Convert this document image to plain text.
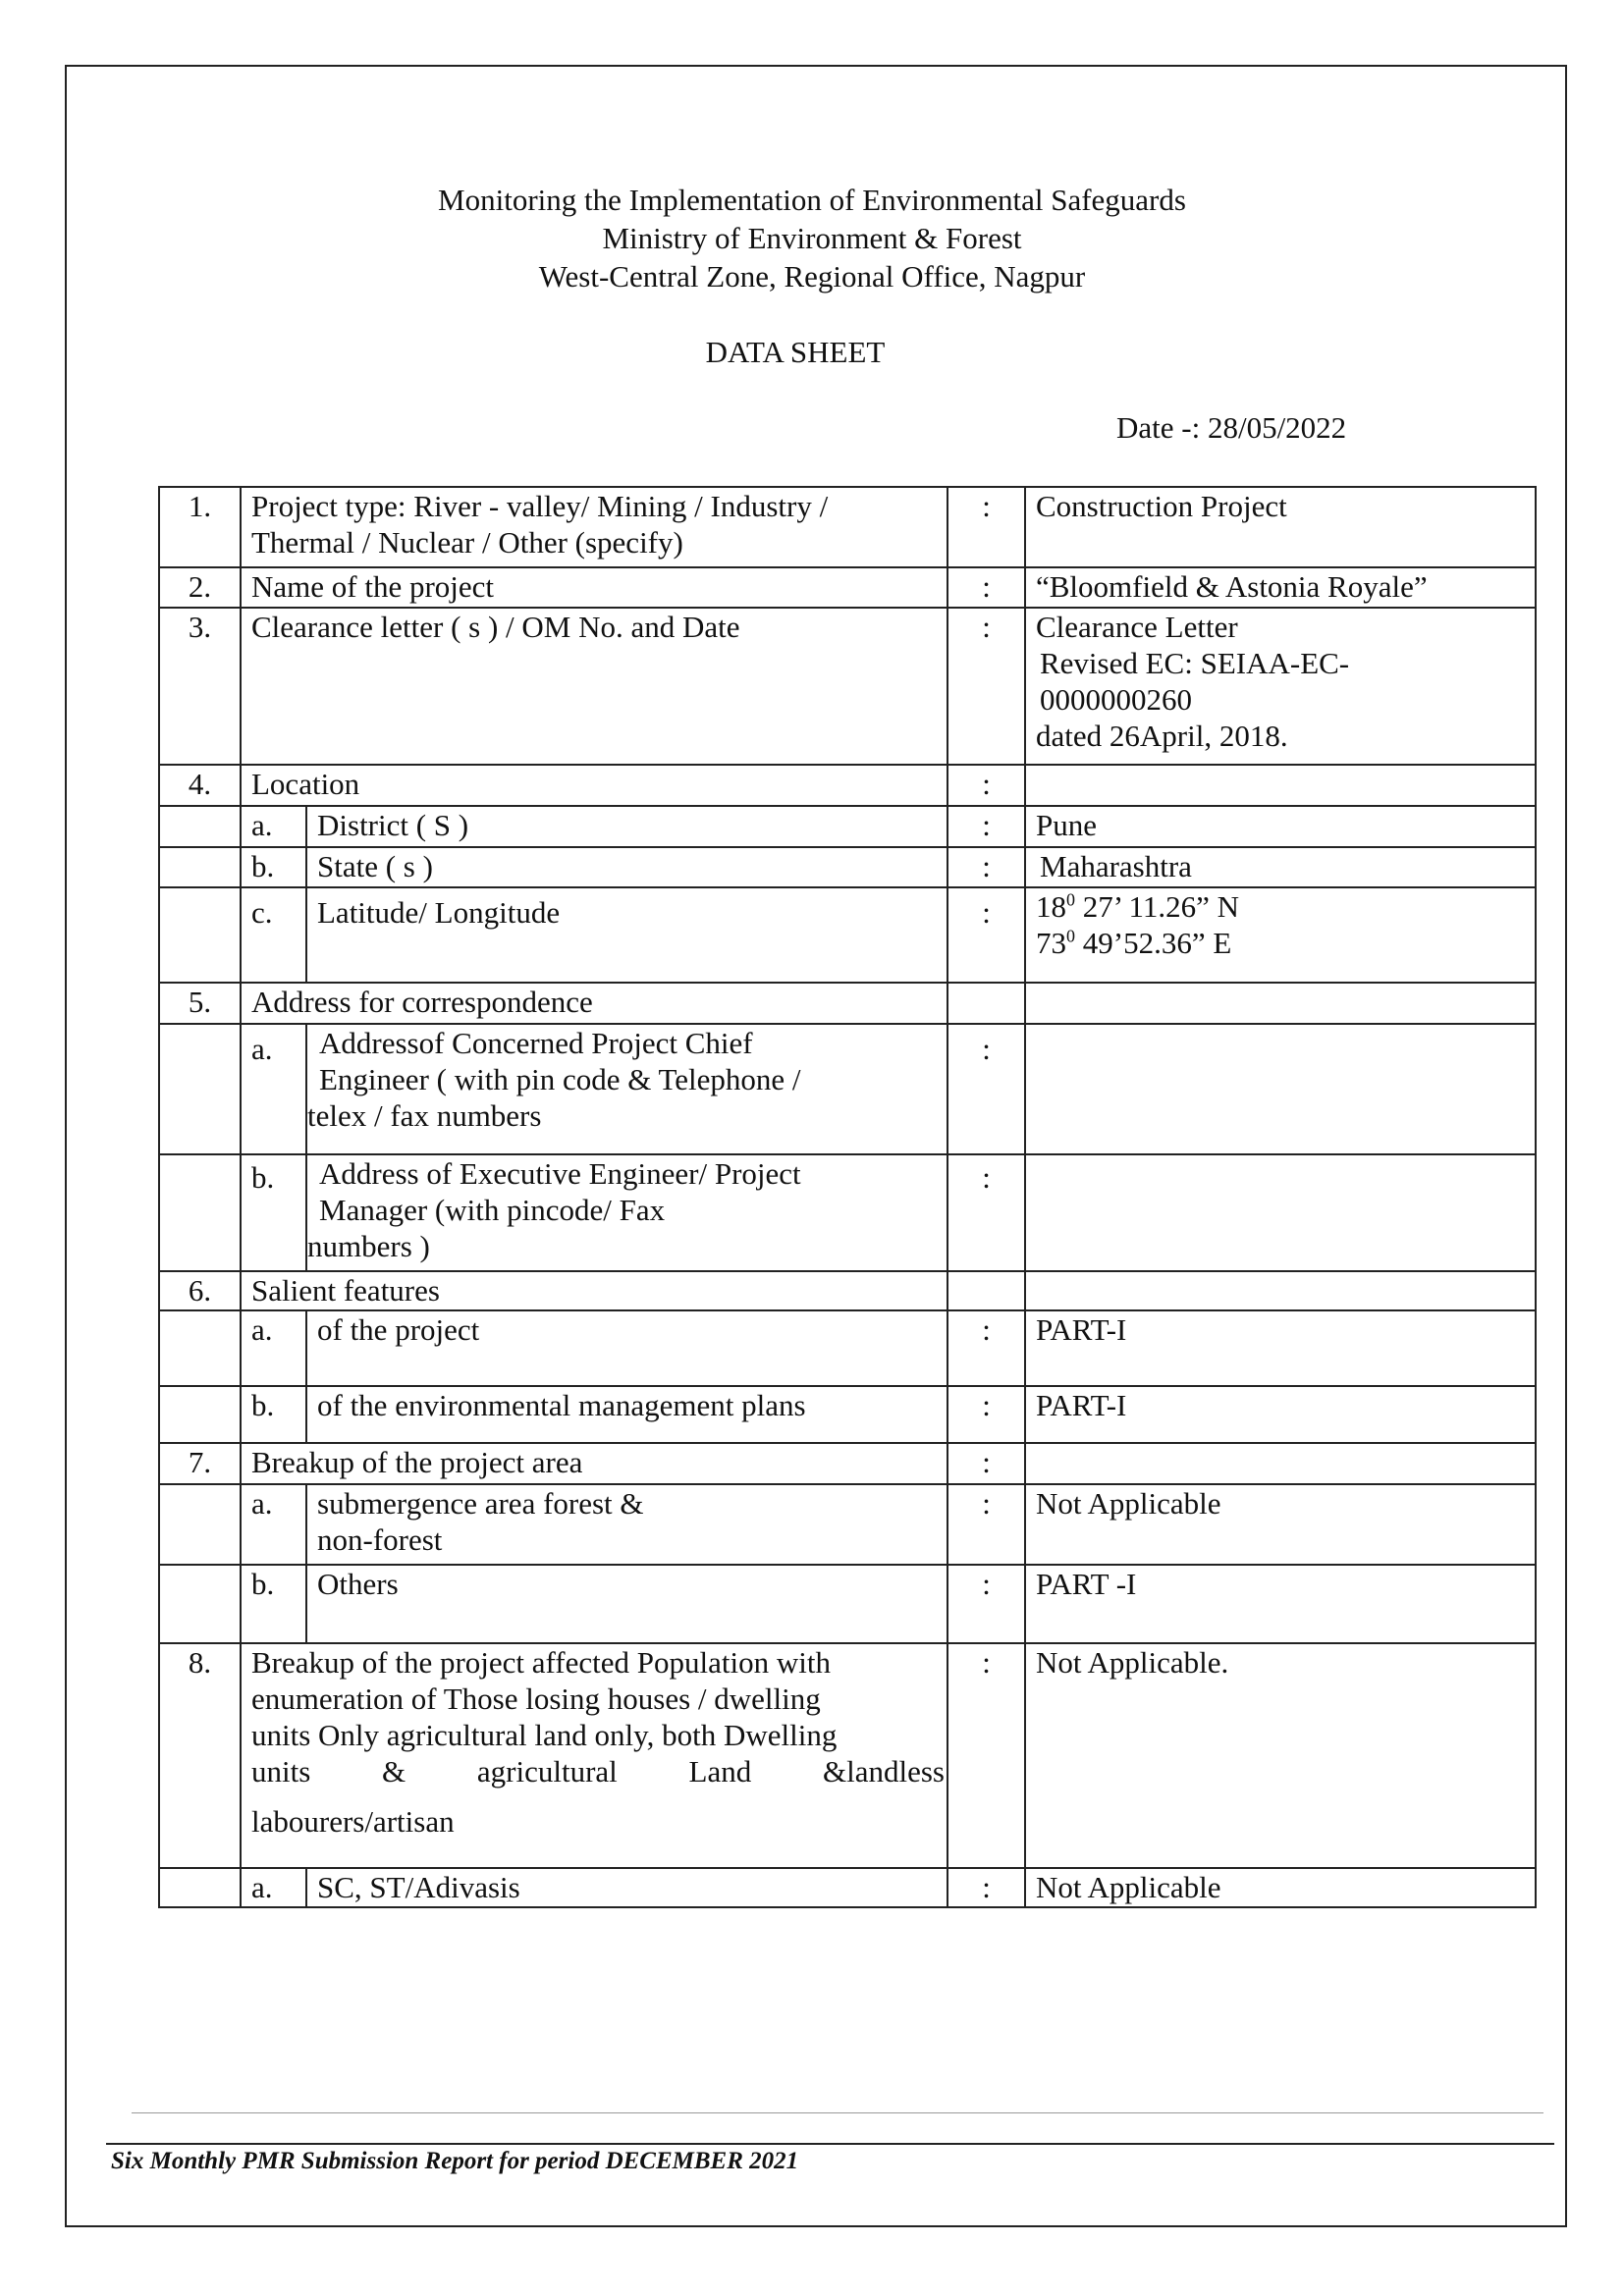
Monitoring the Implementation of Environmental Safeguards
Ministry of Environment & Forest
West-Central Zone, Regional Office, Nagpur
DATA SHEET
Date -: 28/05/2022
1.	Project type: River - valley/ Mining / Industry /
Thermal / Nuclear / Other (specify)		:	Construction Project
2.	Name of the project		:	“Bloomfield & Astonia Royale”
3.	Clearance letter ( s ) / OM No. and Date		:	Clearance Letter
Revised EC: SEIAA-EC-
0000000260
dated 26April, 2018.

4.	Location		:	
	a.	District ( S )	:	Pune
	b.	State ( s )	:	Maharashtra
	c.	Latitude/ Longitude	:	$18^0$ 27’ 11.26” N
$73^0$ 49’52.36” E

5.	Address for correspondence			
	a.	Addressof Concerned Project Chief
Engineer ( with pin code & Telephone /
telex / fax numbers	:	
	b.	Address of Executive Engineer/ Project
Manager (with pincode/ Fax
numbers )	:	
6.	Salient features			
	a.	of the project	:	PART-I
	b.	of the environmental management plans	:	PART-I
7.	Breakup of the project area		:	
	a.	submergence area forest &
non-forest	:	Not Applicable
	b.	Others	:	PART -I
8.	Breakup of the project affected Population with
enumeration of Those losing houses / dwelling
units Only agricultural land only, both Dwelling
units & agricultural Land &landless
labourers/artisan		:	Not Applicable.
	a.	SC, ST/Adivasis	:	Not Applicable
Six Monthly PMR Submission Report for period DECEMBER 2021
